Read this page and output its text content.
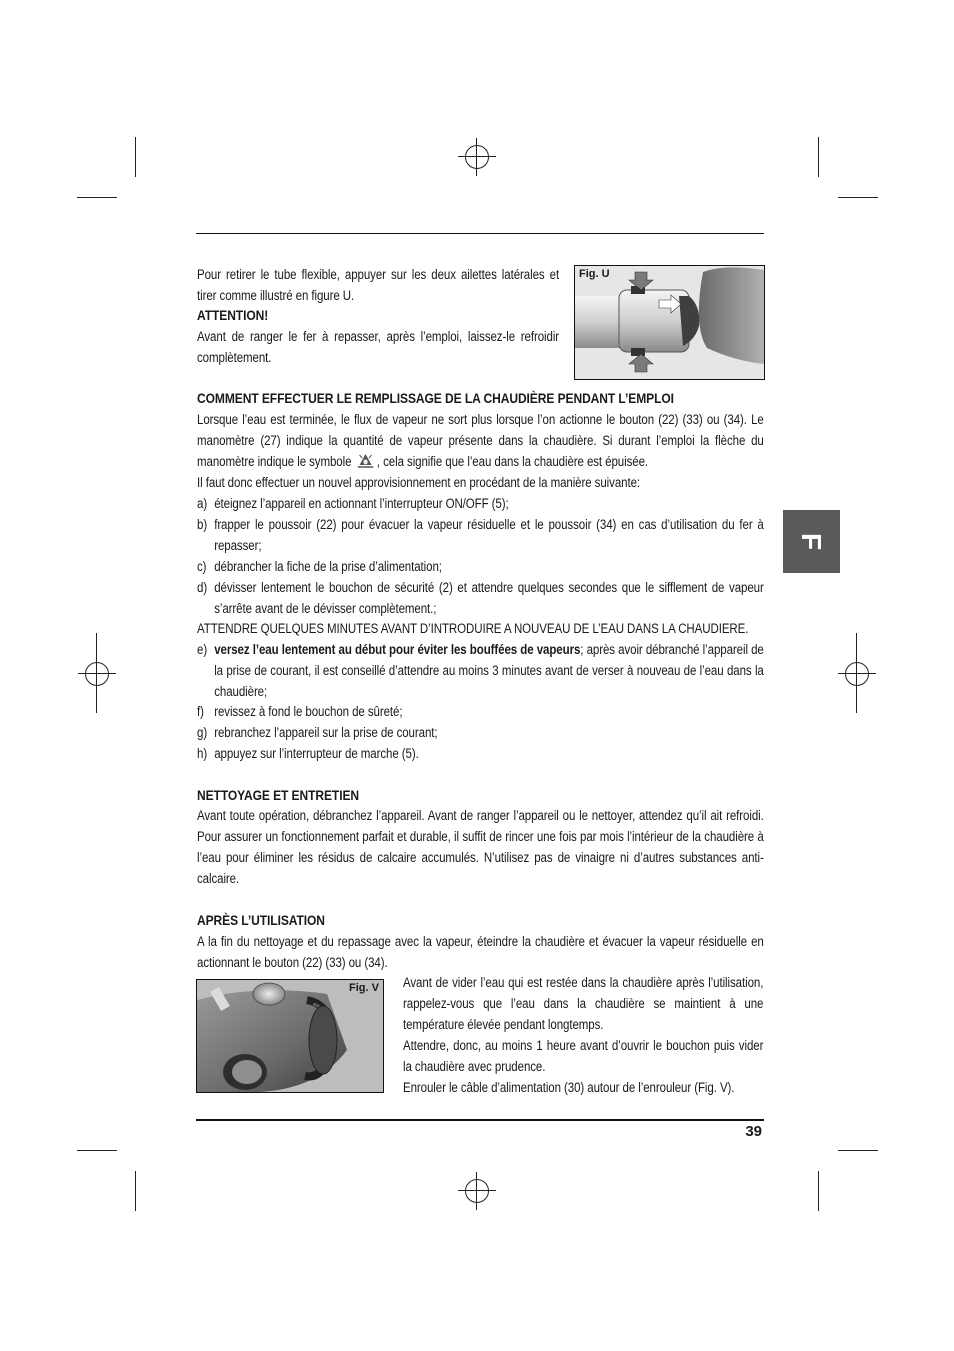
Pour retirer le tube flexible, appuyer sur les deux ailettes latérales et tirer comme illustré en figure U.
ATTENTION!
Avant de ranger le fer à repasser, après l’emploi, laissez-le refroidir complètement.
Fig. U
COMMENT EFFECTUER LE REMPLISSAGE DE LA CHAUDIÈRE PENDANT L’EMPLOI
Lorsque l’eau est terminée, le flux de vapeur ne sort plus lorsque l’on actionne le bouton (22) (33) ou (34). Le manomètre (27) indique la quantité de vapeur présente dans la chaudière. Si durant l’emploi la flèche du manomètre indique le symbole , cela signifie que l’eau dans la chaudière est épuisée.
Il faut donc effectuer un nouvel approvisionnement en procédant de la manière suivante:
a) éteignez l’appareil en actionnant l’interrupteur ON/OFF (5);
b) frapper le poussoir (22) pour évacuer la vapeur résiduelle et le poussoir (34) en cas d’utilisation du fer à repasser;
c) débrancher la fiche de la prise d’alimentation;
d) dévisser lentement le bouchon de sécurité (2) et attendre quelques secondes que le sifflement de vapeur s’arrête avant de le dévisser complètement.;
ATTENDRE QUELQUES MINUTES AVANT D’INTRODUIRE A NOUVEAU DE L’EAU DANS LA CHAUDIERE.
e) versez l’eau lentement au début pour éviter les bouffées de vapeurs; après avoir débranché l’appareil de la prise de courant, il est conseillé d’attendre au moins 3 minutes avant de verser à nouveau de l’eau dans la chaudière;
f) revissez à fond le bouchon de sûreté;
g) rebranchez l’appareil sur la prise de courant;
h) appuyez sur l’interrupteur de marche (5).
NETTOYAGE ET ENTRETIEN
Avant toute opération, débranchez l’appareil. Avant de ranger l’appareil ou le nettoyer, attendez qu’il ait refroidi. Pour assurer un fonctionnement parfait et durable, il suffit de rincer une fois par mois l’intérieur de la chaudière à l’eau pour éliminer les résidus de calcaire accumulés. N’utilisez pas de vinaigre ni d’autres substances anti-calcaire.
APRÈS L’UTILISATION
A la fin du nettoyage et du repassage avec la vapeur, éteindre la chaudière et évacuer la vapeur résiduelle en actionnant le bouton (22) (33) ou (34).
Fig. V Avant de vider l’eau qui est restée dans la chaudière après l’utilisation, rappelez-vous que l’eau dans la chaudière se maintient à une température élevée pendant longtemps.
Attendre, donc, au moins 1 heure avant d’ouvrir le bouchon puis vider la chaudière avec prudence.
Enrouler le câble d’alimentation (30) autour de l’enrouleur (Fig. V).
39
F
